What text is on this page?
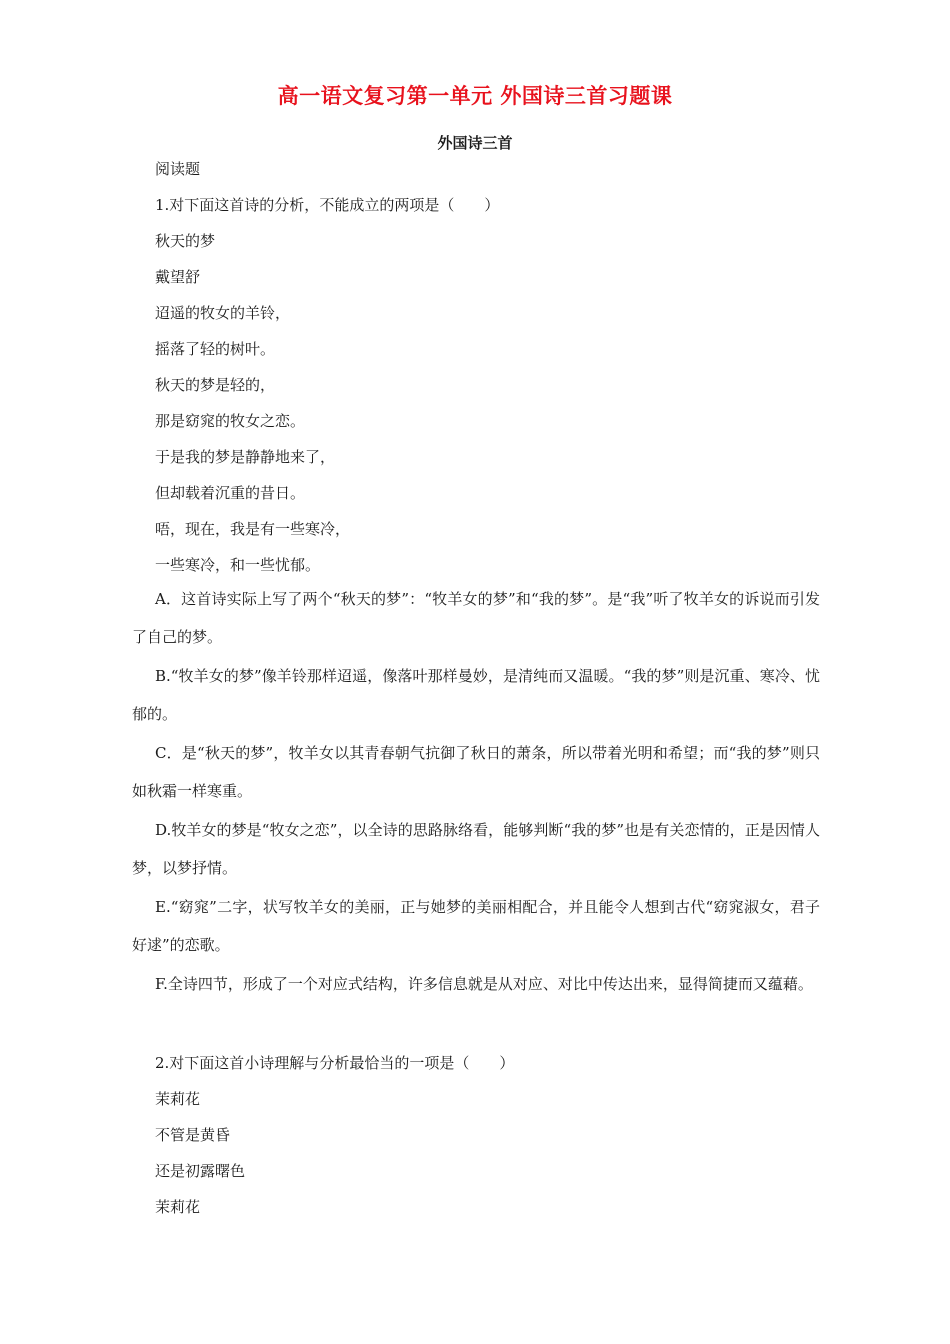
高一语文复习第一单元 外国诗三首习题课
外国诗三首
阅读题
1.对下面这首诗的分析，不能成立的两项是（　　）
秋天的梦
戴望舒
迢遥的牧女的羊铃，
摇落了轻的树叶。
秋天的梦是轻的，
那是窈窕的牧女之恋。
于是我的梦是静静地来了，
但却载着沉重的昔日。
唔，现在，我是有一些寒冷，
一些寒冷，和一些忧郁。
A．这首诗实际上写了两个“秋天的梦”：“牧羊女的梦”和“我的梦”。是“我”听了牧羊女的诉说而引发了自己的梦。
B.“牧羊女的梦”像羊铃那样迢遥，像落叶那样曼妙，是清纯而又温暖。“我的梦”则是沉重、寒冷、忧郁的。
C．是“秋天的梦”，牧羊女以其青春朝气抗御了秋日的萧条，所以带着光明和希望；而“我的梦”则只如秋霜一样寒重。
D.牧羊女的梦是“牧女之恋”，以全诗的思路脉络看，能够判断“我的梦”也是有关恋情的，正是因情人梦，以梦抒情。
E.“窈窕”二字，状写牧羊女的美丽，正与她梦的美丽相配合，并且能令人想到古代“窈窕淑女，君子好逑”的恋歌。
F.全诗四节，形成了一个对应式结构，许多信息就是从对应、对比中传达出来，显得简捷而又蕴藉。
2.对下面这首小诗理解与分析最恰当的一项是（　　）
茉莉花
不管是黄昏
还是初露曙色
茉莉花
